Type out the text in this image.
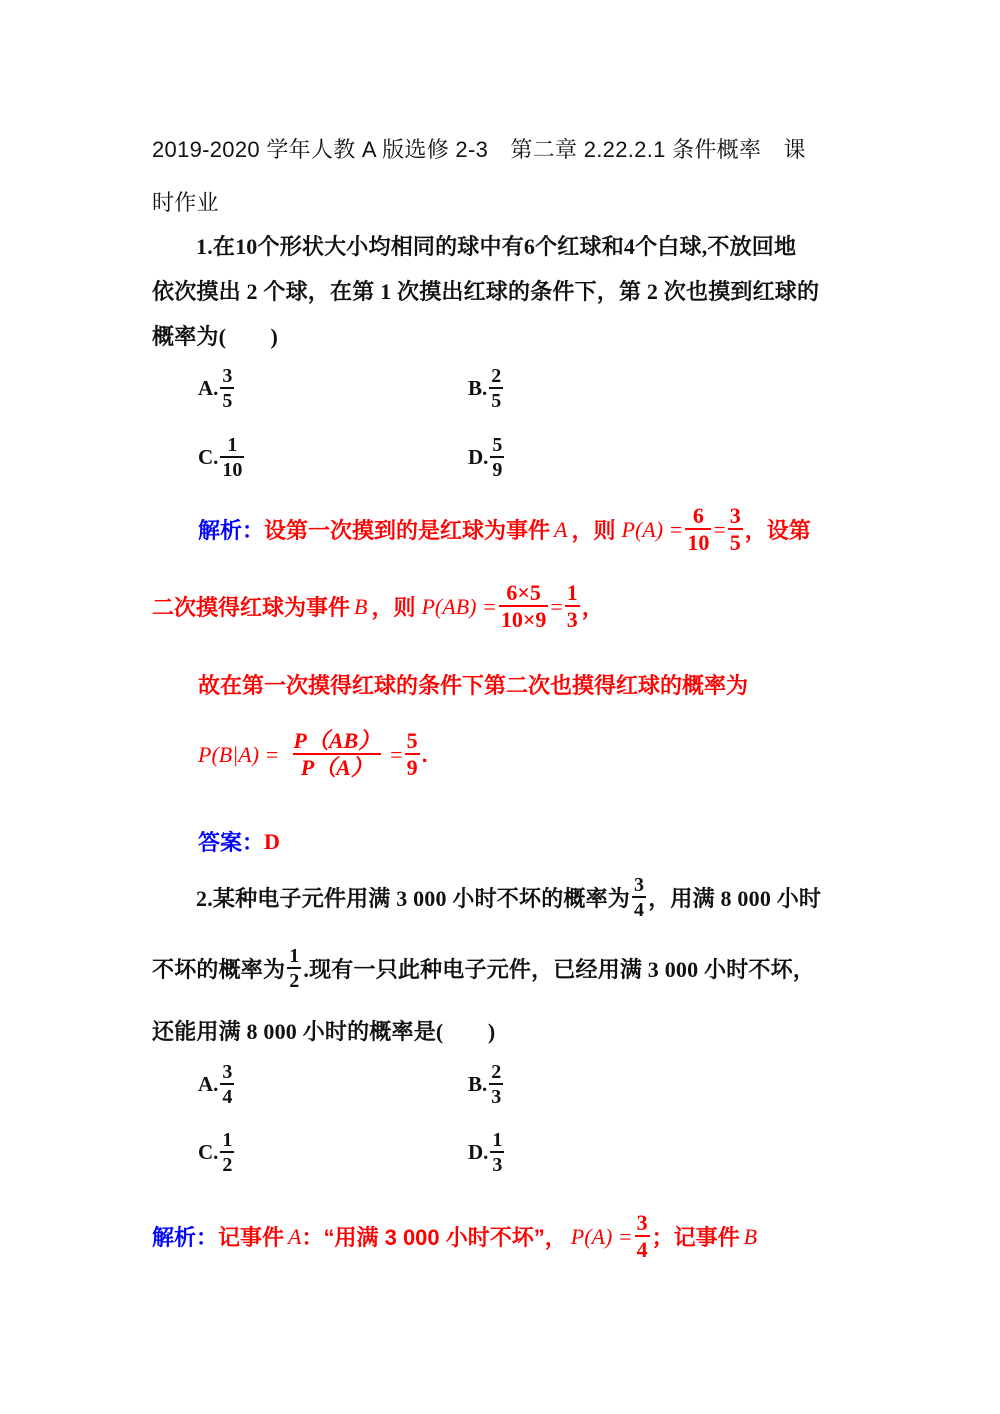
2019-2020 学年人教 A 版选修 2-3　第二章 2.22.2.1 条件概率　课
时作业
1.在10个形状大小均相同的球中有6个红球和4个白球,不放回地
依次摸出 2 个球，在第 1 次摸出红球的条件下，第 2 次也摸到红球的
概率为(　　)
A. $\frac{3}{5}$	B. $\frac{2}{5}$
C. $\frac{1}{10}$	D. $\frac{5}{9}$
解析： 设第一次摸到的是红球为事件 A ，则 $P(A) = \frac{6}{10} = \frac{3}{5}$ ，设第
二次摸得红球为事件 B ，则 $P(AB) = \frac{6\times 5}{10\times 9} = \frac{1}{3}$ ，
故在第一次摸得红球的条件下第二次也摸得红球的概率为
$P(B|A) = \frac{P(AB)}{P(A)} = \frac{5}{9}$ .
答案： D
2.某种电子元件用满 3 000 小时不坏的概率为 $\frac{3}{4}$ ，用满 8 000 小时
不坏的概率为 $\frac{1}{2}$ .现有一只此种电子元件，已经用满 3 000 小时不坏，
还能用满 8 000 小时的概率是(　　)
A. $\frac{3}{4}$	B. $\frac{2}{3}$
C. $\frac{1}{2}$	D. $\frac{1}{3}$
解析： 记事件 A ：“用满 3 000 小时不坏”， $P(A) = \frac{3}{4}$ ；记事件 B
